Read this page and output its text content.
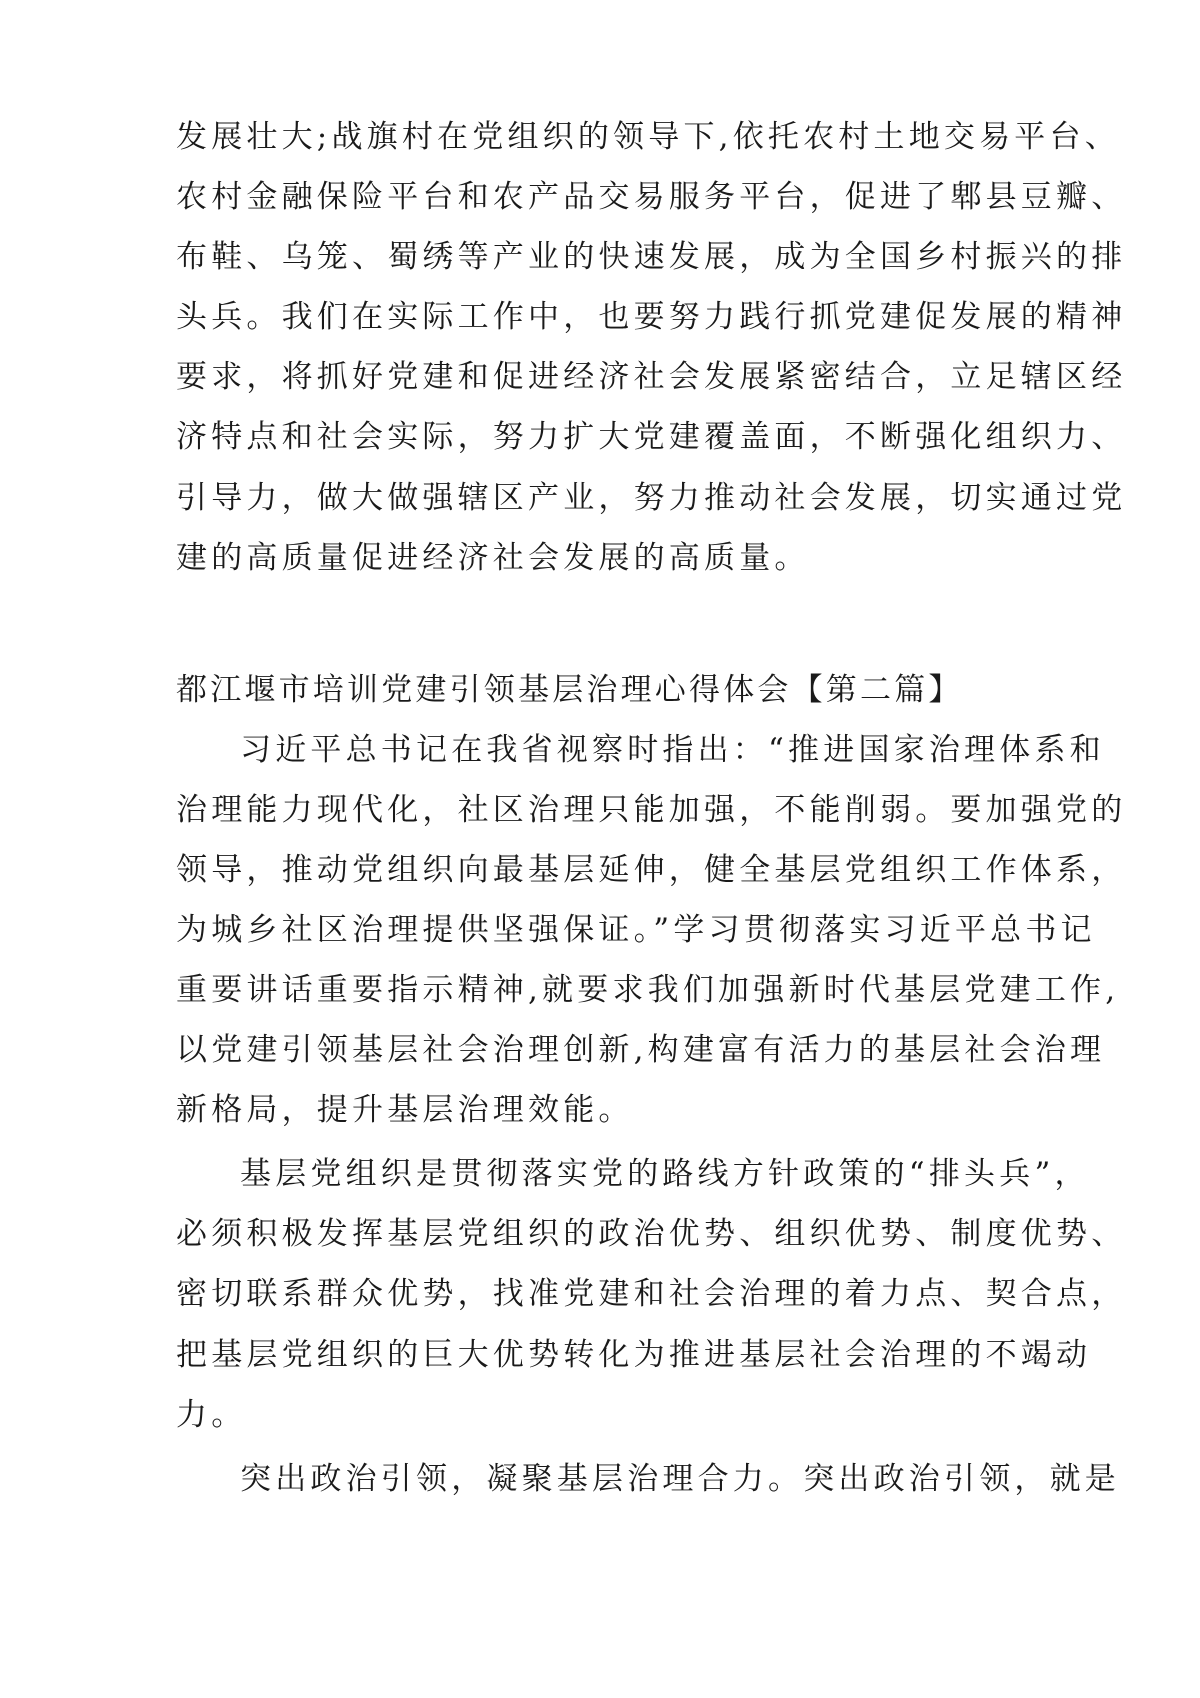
发展壮大;战旗村在党组织的领导下,依托农村土地交易平台、
农村金融保险平台和农产品交易服务平台，促进了郫县豆瓣、
布鞋、乌笼、蜀绣等产业的快速发展，成为全国乡村振兴的排
头兵。我们在实际工作中，也要努力践行抓党建促发展的精神
要求，将抓好党建和促进经济社会发展紧密结合，立足辖区经
济特点和社会实际，努力扩大党建覆盖面，不断强化组织力、
引导力，做大做强辖区产业，努力推动社会发展，切实通过党
建的高质量促进经济社会发展的高质量。
都江堰市培训党建引领基层治理心得体会【第二篇】
习近平总书记在我省视察时指出：“推进国家治理体系和
治理能力现代化，社区治理只能加强，不能削弱。要加强党的
领导，推动党组织向最基层延伸，健全基层党组织工作体系，
为城乡社区治理提供坚强保证。”学习贯彻落实习近平总书记
重要讲话重要指示精神,就要求我们加强新时代基层党建工作,
以党建引领基层社会治理创新,构建富有活力的基层社会治理
新格局，提升基层治理效能。
基层党组织是贯彻落实党的路线方针政策的“排头兵”，
必须积极发挥基层党组织的政治优势、组织优势、制度优势、
密切联系群众优势，找准党建和社会治理的着力点、契合点，
把基层党组织的巨大优势转化为推进基层社会治理的不竭动
力。
突出政治引领，凝聚基层治理合力。突出政治引领，就是
